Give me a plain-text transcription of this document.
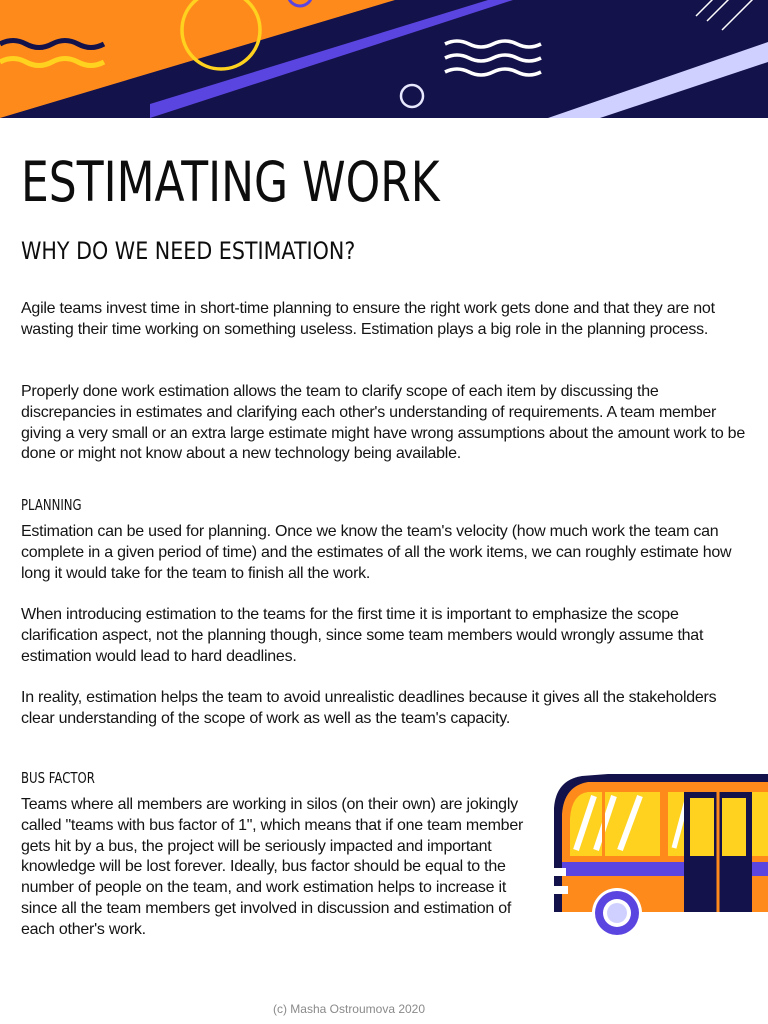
ESTIMATING WORK
WHY DO WE NEED ESTIMATION?

Agile teams invest time in short-time planning to ensure the right work gets done and that they are not wasting their time working on something useless. Estimation plays a big role in the planning process.

Properly done work estimation allows the team to clarify scope of each item by discussing the discrepancies in estimates and clarifying each other's understanding of requirements. A team member giving a very small or an extra large estimate might have wrong assumptions about the amount work to be done or might not know about a new technology being available.

PLANNING

Estimation can be used for planning. Once we know the team's velocity (how much work the team can complete in a given period of time) and the estimates of all the work items, we can roughly estimate how long it would take for the team to finish all the work.

When introducing estimation to the teams for the first time it is important to emphasize the scope clarification aspect, not the planning though, since some team members would wrongly assume that estimation would lead to hard deadlines.

In reality, estimation helps the team to avoid unrealistic deadlines because it gives all the stakeholders clear understanding of the scope of work as well as the team's capacity.

BUS FACTOR

Teams where all members are working in silos (on their own) are jokingly called "teams with bus factor of 1", which means that if one team member gets hit by a bus, the project will be seriously impacted and important knowledge will be lost forever. Ideally, bus factor should be equal to the number of people on the team, and work estimation helps to increase it since all the team members get involved in discussion and estimation of each other's work.

(c) Masha Ostroumova 2020
